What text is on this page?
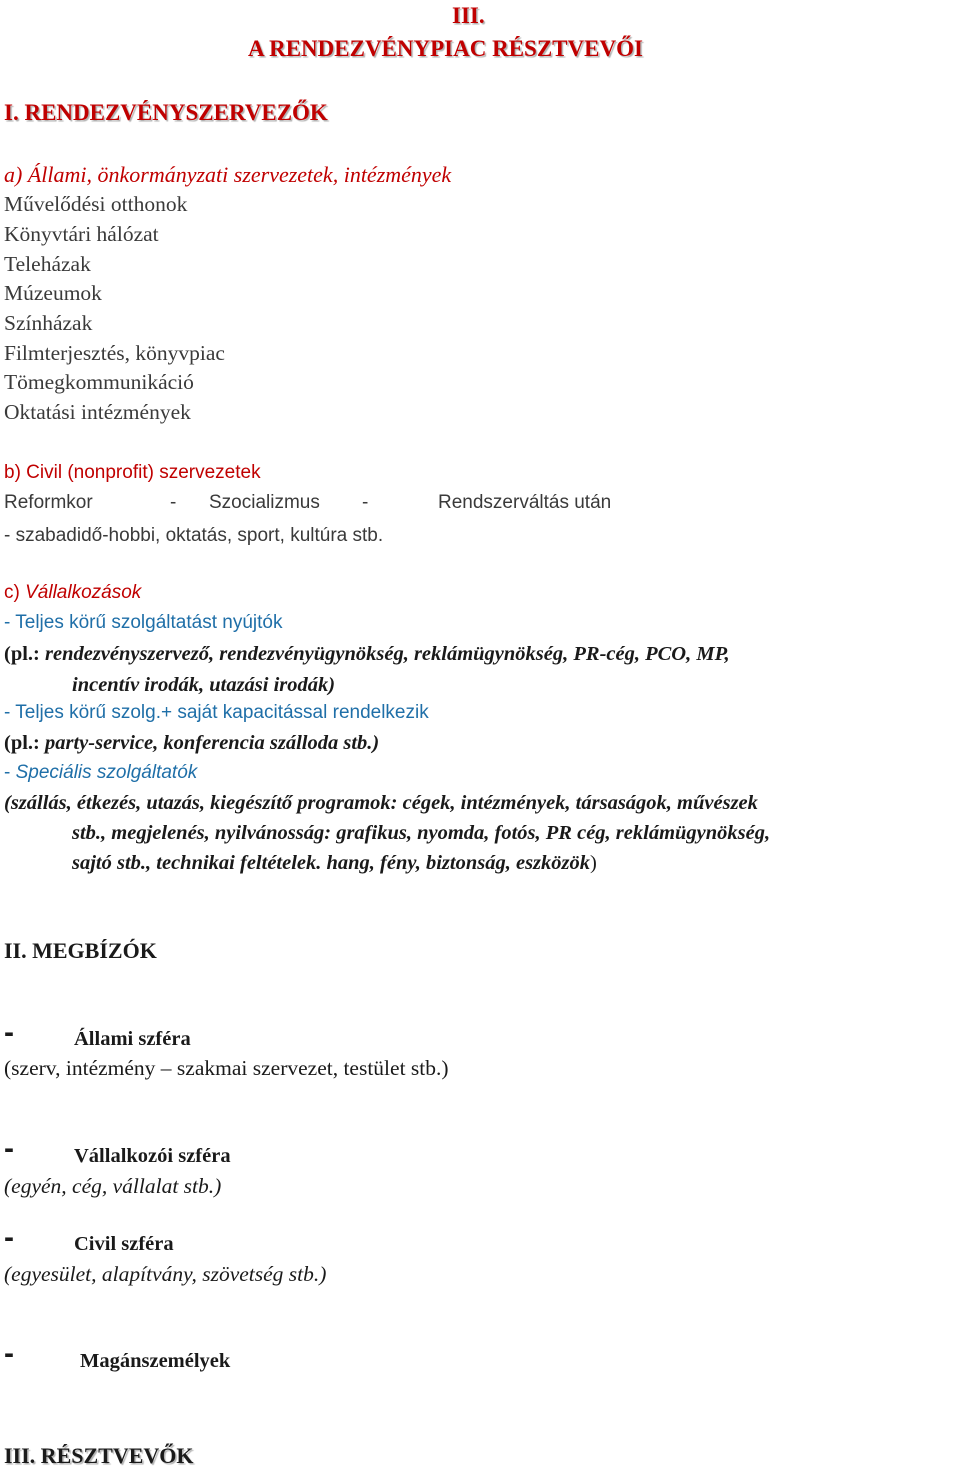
III.
A RENDEZVÉNYPIAC RÉSZTVEVŐI
I. RENDEZVÉNYSZERVEZŐK
a) Állami, önkormányzati szervezetek, intézmények
Művelődési otthonok
Könyvtári hálózat
Teleházak
Múzeumok
Színházak
Filmterjesztés, könyvpiac
Tömegkommunikáció
Oktatási intézmények
b) Civil (nonprofit) szervezetek
Reformkor	- Szocializmus -	Rendszerváltás után
- szabadidő-hobbi, oktatás, sport, kultúra stb.
c) Vállalkozások
- Teljes körű szolgáltatást nyújtók
(pl.: rendezvényszervező, rendezvényügynökség, reklámügynökség, PR-cég, PCO, MP,
incentív irodák, utazási irodák)
- Teljes körű szolg.+ saját kapacitással rendelkezik
(pl.: party-service, konferencia szálloda stb.)
- Speciális szolgáltatók
(szállás, étkezés, utazás, kiegészítő programok: cégek, intézmények, társaságok, művészek
stb., megjelenés, nyilvánosság: grafikus, nyomda, fotós, PR cég, reklámügynökség,
sajtó stb., technikai feltételek. hang, fény, biztonság, eszközök)
II. MEGBÍZÓK
-	Állami szféra
(szerv, intézmény – szakmai szervezet, testület stb.)
-	Vállalkozói szféra
(egyén, cég, vállalat stb.)
-	Civil szféra
(egyesület, alapítvány, szövetség stb.)
-	Magánszemélyek
III. RÉSZTVEVŐK
